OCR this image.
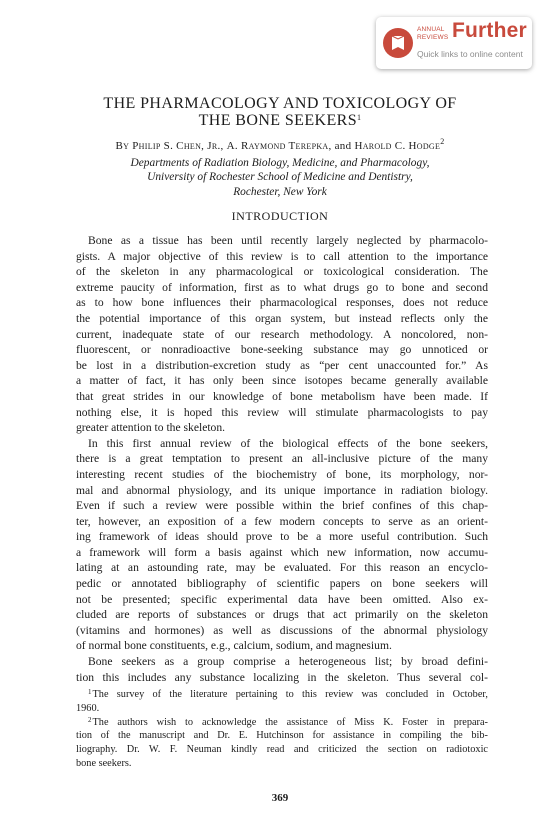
ANNUAL
REVIEWS Further
Quick links to online content
THE PHARMACOLOGY AND TOXICOLOGY OF
THE BONE SEEKERS$^1$
By Philip S. Chen, Jr., A. Raymond Terepka, and Harold C. Hodge$^2$
Departments of Radiation Biology, Medicine, and Pharmacology,
University of Rochester School of Medicine and Dentistry,
Rochester, New York
INTRODUCTION
Bone as a tissue has been until recently largely neglected by pharmacolo-
gists. A major objective of this review is to call attention to the importance
of the skeleton in any pharmacological or toxicological consideration. The
extreme paucity of information, first as to what drugs go to bone and second
as to how bone influences their pharmacological responses, does not reduce
the potential importance of this organ system, but instead reflects only the
current, inadequate state of our research methodology. A noncolored, non-
fluorescent, or nonradioactive bone-seeking substance may go unnoticed or
be lost in a distribution-excretion study as “per cent unaccounted for.” As
a matter of fact, it has only been since isotopes became generally available
that great strides in our knowledge of bone metabolism have been made. If
nothing else, it is hoped this review will stimulate pharmacologists to pay
greater attention to the skeleton.
In this first annual review of the biological effects of the bone seekers,
there is a great temptation to present an all-inclusive picture of the many
interesting recent studies of the biochemistry of bone, its morphology, nor-
mal and abnormal physiology, and its unique importance in radiation biology.
Even if such a review were possible within the brief confines of this chap-
ter, however, an exposition of a few modern concepts to serve as an orient-
ing framework of ideas should prove to be a more useful contribution. Such
a framework will form a basis against which new information, now accumu-
lating at an astounding rate, may be evaluated. For this reason an encyclo-
pedic or annotated bibliography of scientific papers on bone seekers will
not be presented; specific experimental data have been omitted. Also ex-
cluded are reports of substances or drugs that act primarily on the skeleton
(vitamins and hormones) as well as discussions of the abnormal physiology
of normal bone constituents, e.g., calcium, sodium, and magnesium.
Bone seekers as a group comprise a heterogeneous list; by broad defini-
tion this includes any substance localizing in the skeleton. Thus several col-
$^1$The survey of the literature pertaining to this review was concluded in October,
1960.
$^2$The authors wish to acknowledge the assistance of Miss K. Foster in prepara-
tion of the manuscript and Dr. E. Hutchinson for assistance in compiling the bib-
liography. Dr. W. F. Neuman kindly read and criticized the section on radiotoxic
bone seekers.
369
